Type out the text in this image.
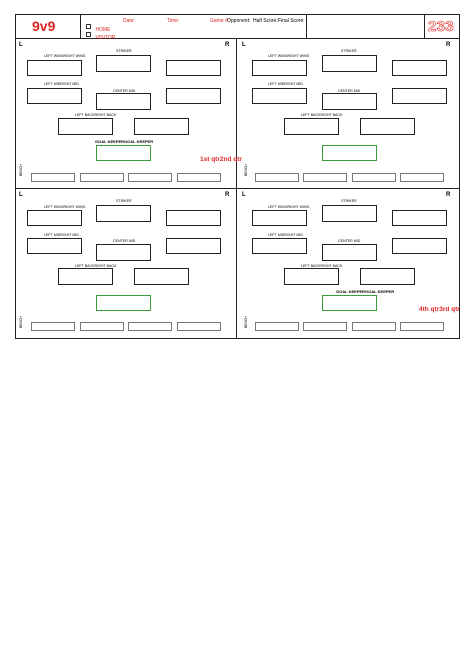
9v9	HOME
VISITOR
Date:	Time:	Game #:
Opponent: Half Score: Final Score:	233
L	R
LEFT WINGRIGHT WING
STRIKER
LEFT MIDRIGHT MID
CENTER MID
LEFT BACKRIGHT BACK
GOAL KEEPERGOAL KEEPER
1st qtr2nd qtr
BENCH
L	R
LEFT WINGRIGHT WING
STRIKER
LEFT MIDRIGHT MID
CENTER MID
LEFT BACKRIGHT BACK
BENCH
L	R
LEFT WINGRIGHT WING
STRIKER
LEFT MIDRIGHT MID
CENTER MID
LEFT BACKRIGHT BACK
BENCH
L	R
LEFT WINGRIGHT WING
STRIKER
LEFT MIDRIGHT MID
CENTER MID
LEFT BACKRIGHT BACK
GOAL KEEPERGOAL KEEPER
4th qtr3rd qtr
BENCH
